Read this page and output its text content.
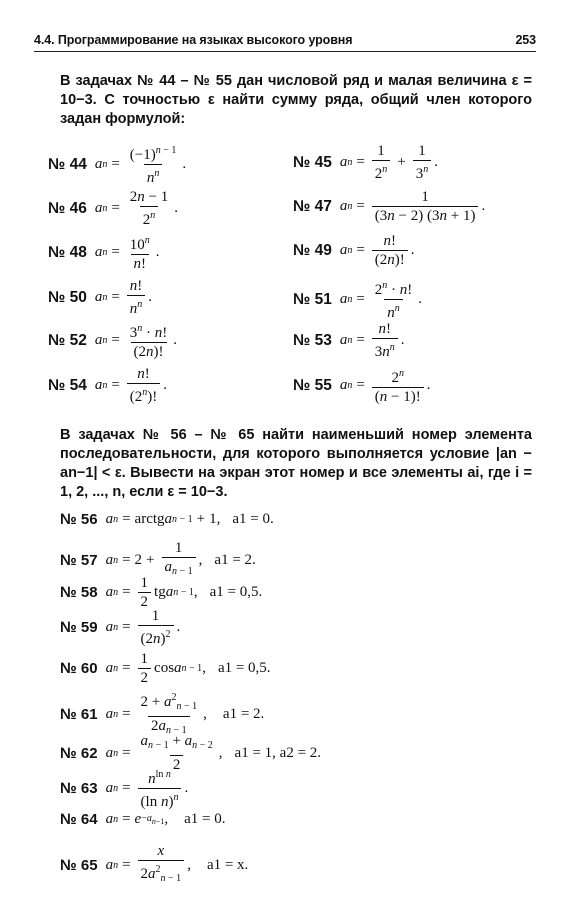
4.4. Программирование на языках высокого уровня	253

В задачах № 44 – № 55 дан числовой ряд и малая величина ε = 10−3. С точностью ε найти сумму ряда, общий член которого задан формулой:

№ 44 a $n = \frac{(-1)^{n - 1}}{n^n}$ .
№ 46 a $n = \frac{2n - 1}{2^n}$ .
№ 48 a $n = \frac{10^n}{n!}$ .
№ 50 a $n = \frac{n!}{n^n}$ .
№ 52 a $n = \frac{3^n \cdot n!}{(2n)!}$ .
№ 54 a $n = \frac{n!}{(2^n)!}$ .
№ 45 a $n = \frac{1}{2^n} + \frac{1}{3^n}$ .
№ 47 a $n = \frac{1}{(3n - 2) (3n + 1)}$ .
№ 49 a $n = \frac{n!}{(2n)!}$ .
№ 51 a $n = \frac{2^n \cdot n!}{n^n}$ .
№ 53 a $n = \frac{n!}{3n^n}$ .
№ 55 a $n = \frac{2^n}{(n - 1)!}$ .

В задачах № 56 – № 65 найти наименьший номер элемента последовательности, для которого выполняется условие |an − an−1| < ε. Вывести на экран этот номер и все элементы ai, где i = 1, 2, ..., n, если ε = 10−3.

№ 56 a n = arctg a n − 1 + 1, a1 = 0.
№ 57 a $n = 2 + \frac{1}{a_{n - 1}}$ , a1 = 2.
№ 58 a $n = \frac{1}{2}$ tg a n − 1 , a1 = 0,5.
№ 59 a $n = \frac{1}{(2n)^2}$ .
№ 60 a $n = \frac{1}{2}$ cos a n − 1 , a1 = 0,5.
№ 61 a $n = \frac{2 + a^2_{n - 1}}{2a_{n - 1}}$ , a1 = 2.
№ 62 a $n = \frac{a_{n - 1} + a_{n - 2}}{2}$ , a1 = 1, a2 = 2.
№ 63 a $n = \frac{n^{ln n}}{(\ln n)^n}$ .
№ 64 a $n = e -a_{n-1}$ , a1 = 0.
№ 65 a $n = \frac{x}{2a^2_{n - 1}}$ , a1 = x.
